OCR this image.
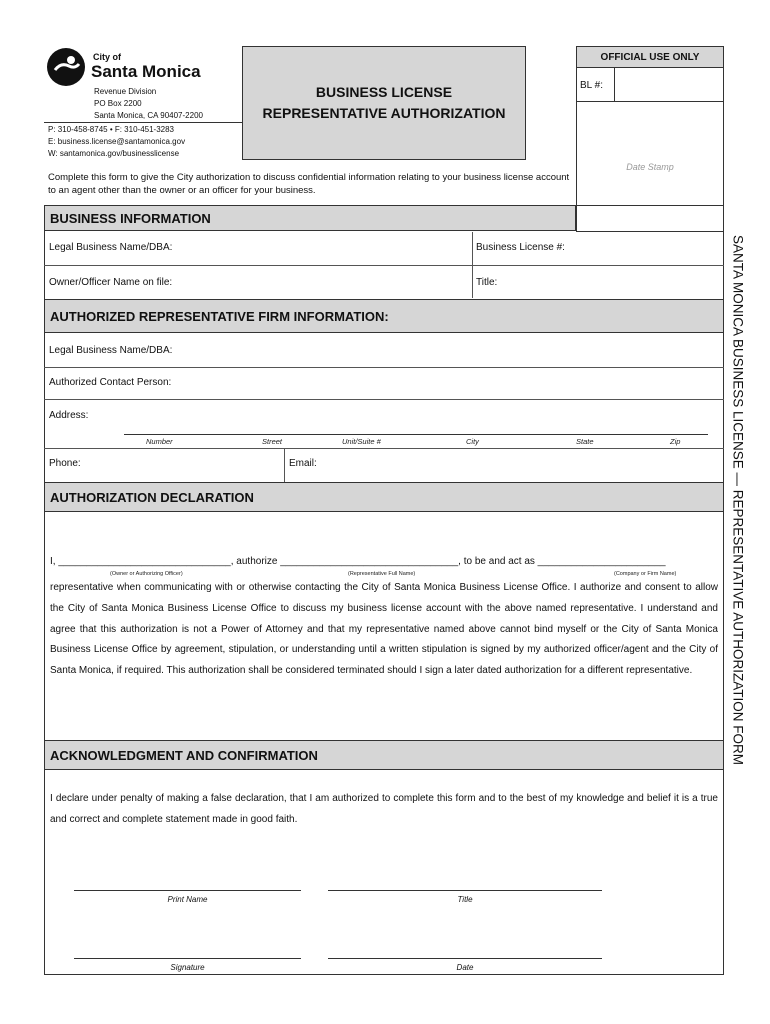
City of
Santa Monica
Revenue Division
PO Box 2200
Santa Monica, CA 90407-2200
P: 310-458-8745 • F: 310-451-3283
E: business.license@santamonica.gov
W: santamonica.gov/businesslicense
BUSINESS LICENSE
REPRESENTATIVE AUTHORIZATION
OFFICIAL USE ONLY
BL #:
Date Stamp
Complete this form to give the City authorization to discuss confidential information relating to your business license account to an agent other than the owner or an officer for your business.
BUSINESS INFORMATION
Legal Business Name/DBA:	Business License #:
Owner/Officer Name on file:	Title:
AUTHORIZED REPRESENTATIVE FIRM INFORMATION:
Legal Business Name/DBA:
Authorized Contact Person:
Address:
Number	Street	Unit/Suite #	City	State	Zip
Phone:	Email:
AUTHORIZATION DECLARATION
I, _______________________________, authorize ________________________________, to be and act as _______________________
(Owner or Authorizing Officer)	(Representative Full Name)	(Company or Firm Name)
representative when communicating with or otherwise contacting the City of Santa Monica Business License Office. I authorize and consent to allow the City of Santa Monica Business License Office to discuss my business license account with the above named representative. I understand and agree that this authorization is not a Power of Attorney and that my representative named above cannot bind myself or the City of Santa Monica Business License Office by agreement, stipulation, or understanding until a written stipulation is signed by my authorized officer/agent and the City of Santa Monica, if required. This authorization shall be considered terminated should I sign a later dated authorization for a different representative.
ACKNOWLEDGMENT AND CONFIRMATION
I declare under penalty of making a false declaration, that I am authorized to complete this form and to the best of my knowledge and belief it is a true and correct and complete statement made in good faith.
Print Name	Title
Signature	Date
SANTA MONICA BUSINESS LICENSE — REPRESENTATIVE AUTHORIZATION FORM
